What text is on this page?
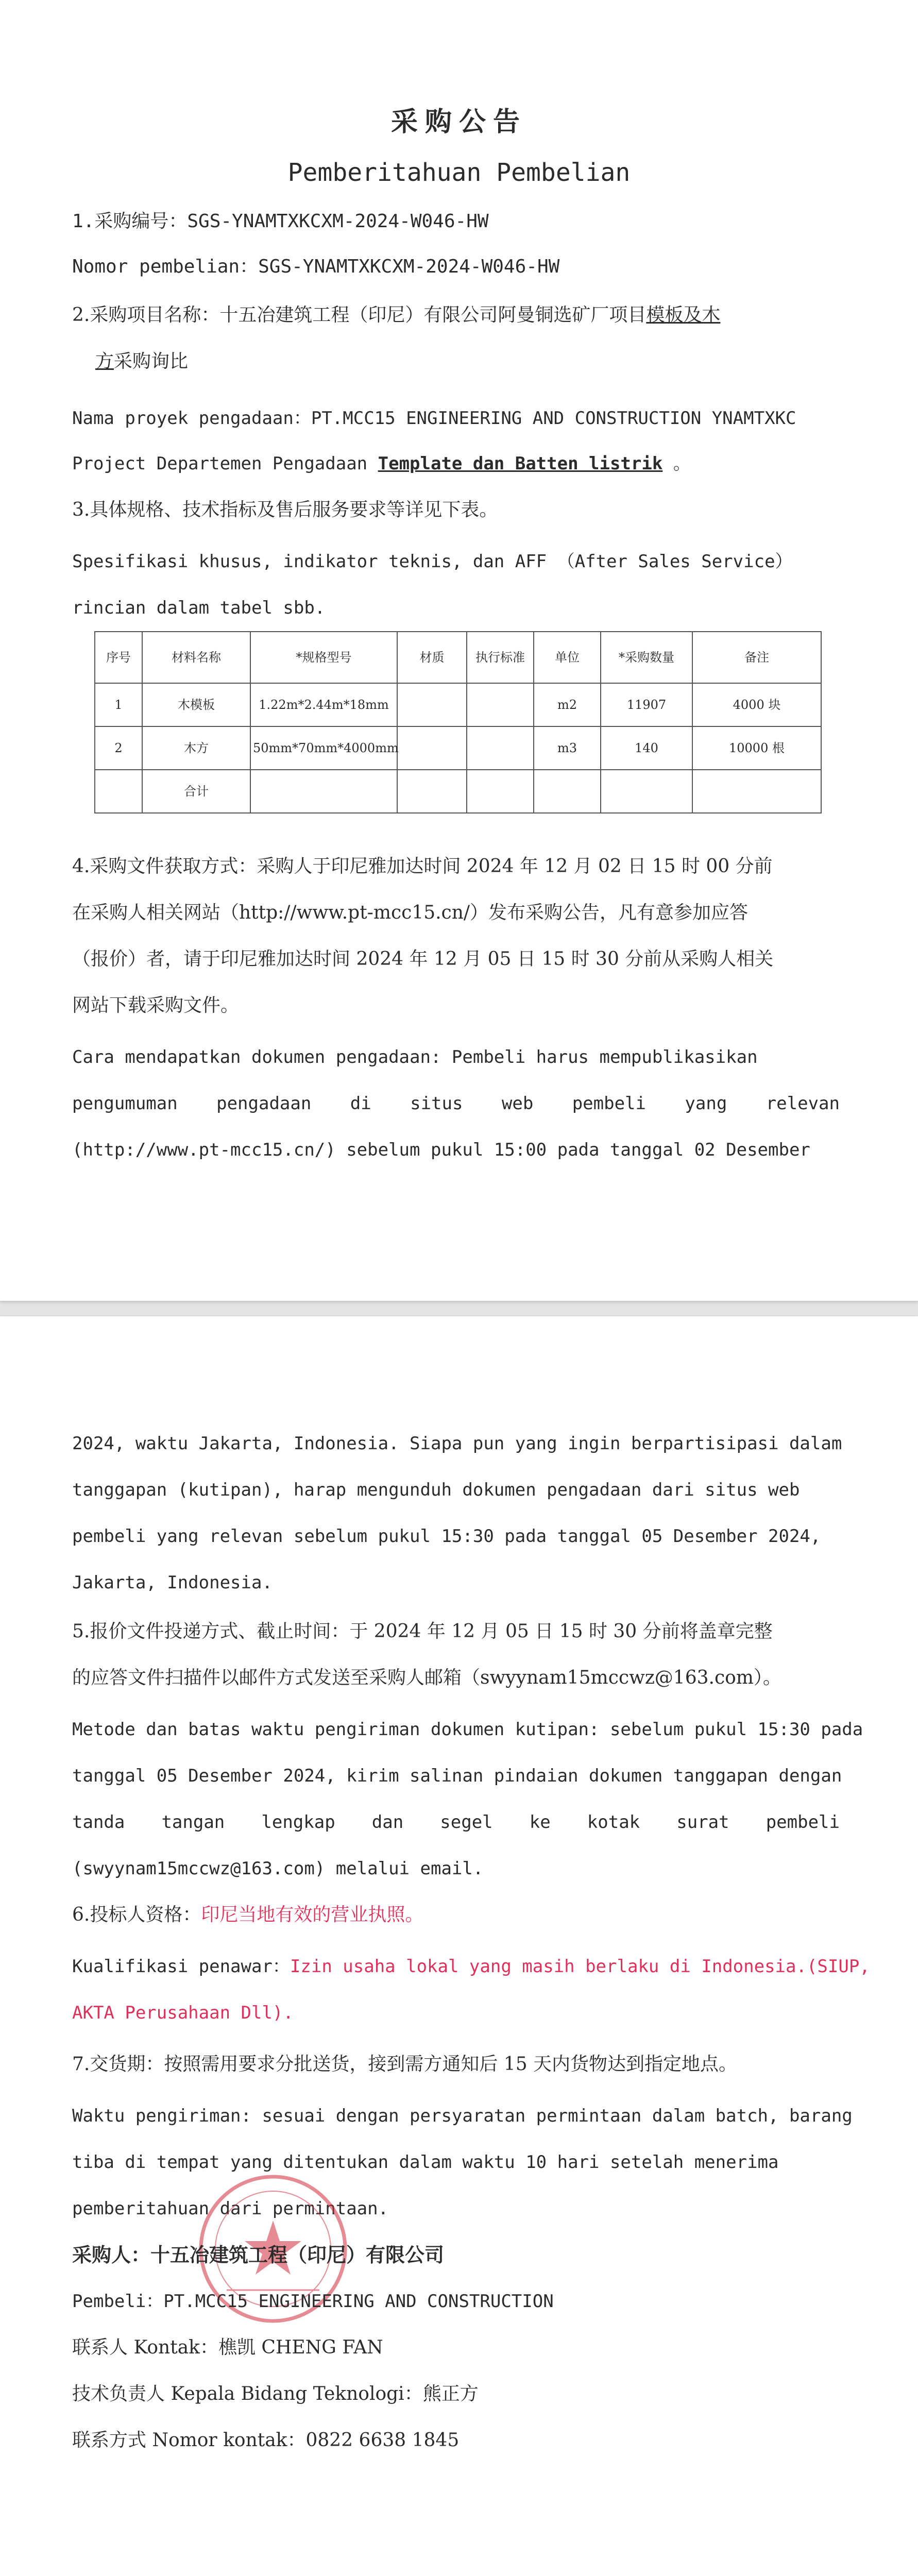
采购公告
Pemberitahuan Pembelian
1.采购编号：SGS-YNAMTXKCXM-2024-W046-HW
Nomor pembelian：SGS-YNAMTXKCXM-2024-W046-HW
2.采购项目名称：十五冶建筑工程（印尼）有限公司阿曼铜选矿厂项目模板及木
方采购询比
Nama proyek pengadaan：PT.MCC15 ENGINEERING AND CONSTRUCTION YNAMTXKC
Project Departemen Pengadaan Template dan Batten listrik 。
3.具体规格、技术指标及售后服务要求等详见下表。
Spesifikasi khusus, indikator teknis, dan AFF （After Sales Service）
rincian dalam tabel sbb.
序号	材料名称	*规格型号	材质	执行标准	单位	*采购数量	备注
1	木模板	1.22m*2.44m*18mm			m2	11907	4000 块
2	木方	50mm*70mm*4000mm			m3	140	10000 根
	合计						
4.采购文件获取方式：采购人于印尼雅加达时间 2024 年 12 月 02 日 15 时 00 分前
在采购人相关网站（http://www.pt-mcc15.cn/）发布采购公告，凡有意参加应答
（报价）者，请于印尼雅加达时间 2024 年 12 月 05 日 15 时 30 分前从采购人相关
网站下载采购文件。
Cara mendapatkan dokumen pengadaan: Pembeli harus mempublikasikan
pengumuman pengadaan di situs web pembeli yang relevan
(http://www.pt-mcc15.cn/) sebelum pukul 15:00 pada tanggal 02 Desember
2024, waktu Jakarta, Indonesia. Siapa pun yang ingin berpartisipasi dalam
tanggapan (kutipan), harap mengunduh dokumen pengadaan dari situs web
pembeli yang relevan sebelum pukul 15:30 pada tanggal 05 Desember 2024,
Jakarta, Indonesia.
5.报价文件投递方式、截止时间：于 2024 年 12 月 05 日 15 时 30 分前将盖章完整
的应答文件扫描件以邮件方式发送至采购人邮箱（swyynam15mccwz@163.com）。
Metode dan batas waktu pengiriman dokumen kutipan: sebelum pukul 15:30 pada
tanggal 05 Desember 2024, kirim salinan pindaian dokumen tanggapan dengan
tanda tangan lengkap dan segel ke kotak surat pembeli
(swyynam15mccwz@163.com) melalui email.
6.投标人资格：印尼当地有效的营业执照。
Kualifikasi penawar：Izin usaha lokal yang masih berlaku di Indonesia.(SIUP,
AKTA Perusahaan Dll).
7.交货期：按照需用要求分批送货，接到需方通知后 15 天内货物达到指定地点。
Waktu pengiriman: sesuai dengan persyaratan permintaan dalam batch, barang
tiba di tempat yang ditentukan dalam waktu 10 hari setelah menerima
pemberitahuan dari permintaan.
采购人：十五冶建筑工程（印尼）有限公司
Pembeli：PT.MCC15 ENGINEERING AND CONSTRUCTION
联系人 Kontak：樵凯 CHENG FAN
技术负责人 Kepala Bidang Teknologi：熊正方
联系方式 Nomor kontak：0822 6638 1845
